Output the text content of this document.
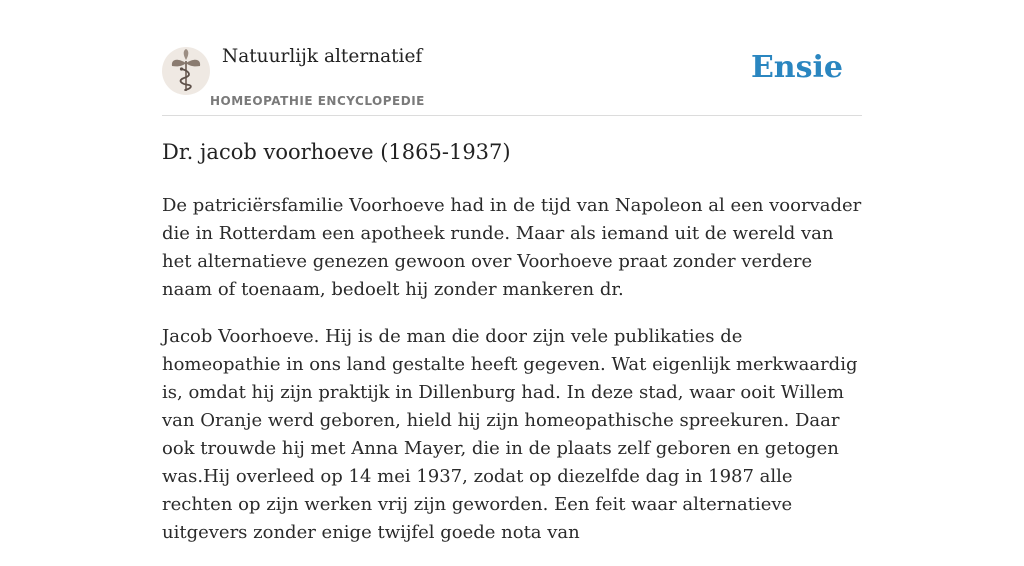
Natuurlijk alternatief
HOMEOPATHIE ENCYCLOPEDIE
Ensie
Dr. jacob voorhoeve (1865-1937)

De patriciërsfamilie Voorhoeve had in de tijd van Napoleon al een voorvader die in Rotterdam een apotheek runde. Maar als iemand uit de wereld van het alternatieve genezen gewoon over Voorhoeve praat zonder verdere naam of toenaam, bedoelt hij zonder mankeren dr.

Jacob Voorhoeve. Hij is de man die door zijn vele publikaties de homeopathie in ons land gestalte heeft gegeven. Wat eigenlijk merkwaardig is, omdat hij zijn praktijk in Dillenburg had. In deze stad, waar ooit Willem van Oranje werd geboren, hield hij zijn homeopathische spreekuren. Daar ook trouwde hij met Anna Mayer, die in de plaats zelf geboren en getogen was.Hij overleed op 14 mei 1937, zodat op diezelfde dag in 1987 alle rechten op zijn werken vrij zijn geworden. Een feit waar alternatieve uitgevers zonder enige twijfel goede nota van
